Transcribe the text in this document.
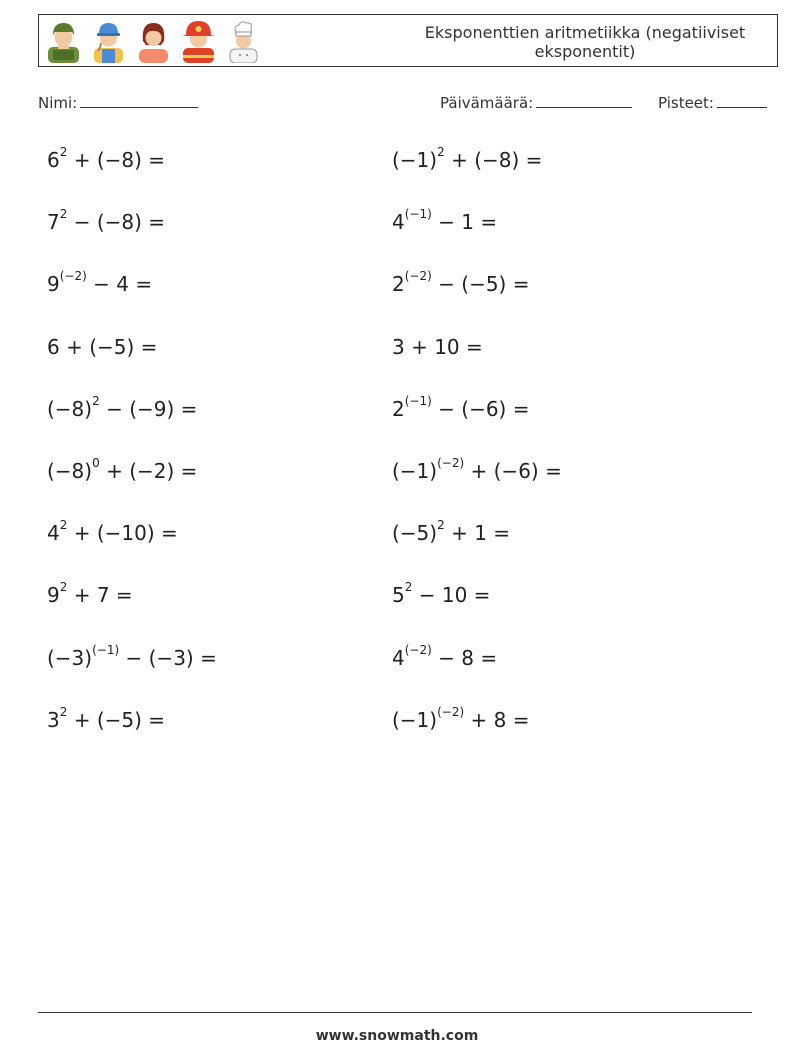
Eksponenttien aritmetiikka (negatiiviset eksponentit)
Nimi:	Päivämäärä:	Pisteet:
$6^2 + (-8)$ =
$7^2 - (-8)$ =
$9^{(-2)} - 4$ =
6 + (−5) =
$(-8)^2 - (-9)$ =
$(-8)^0 + (-2)$ =
$4^2 + (-10)$ =
$9^2 + 7$ =
$(-3)^{(-1)} - (-3)$ =
$3^2 + (-5)$ =
$(-1)^2 + (-8)$ =
$4^{(-1)} - 1$ =
$2^{(-2)} - (-5)$ =
3 + 10 =
$2^{(-1)} - (-6)$ =
$(-1)^{(-2)} + (-6)$ =
$(-5)^2 + 1$ =
$5^2 - 10$ =
$4^{(-2)} - 8$ =
$(-1)^{(-2)} + 8$ =
www.snowmath.com
